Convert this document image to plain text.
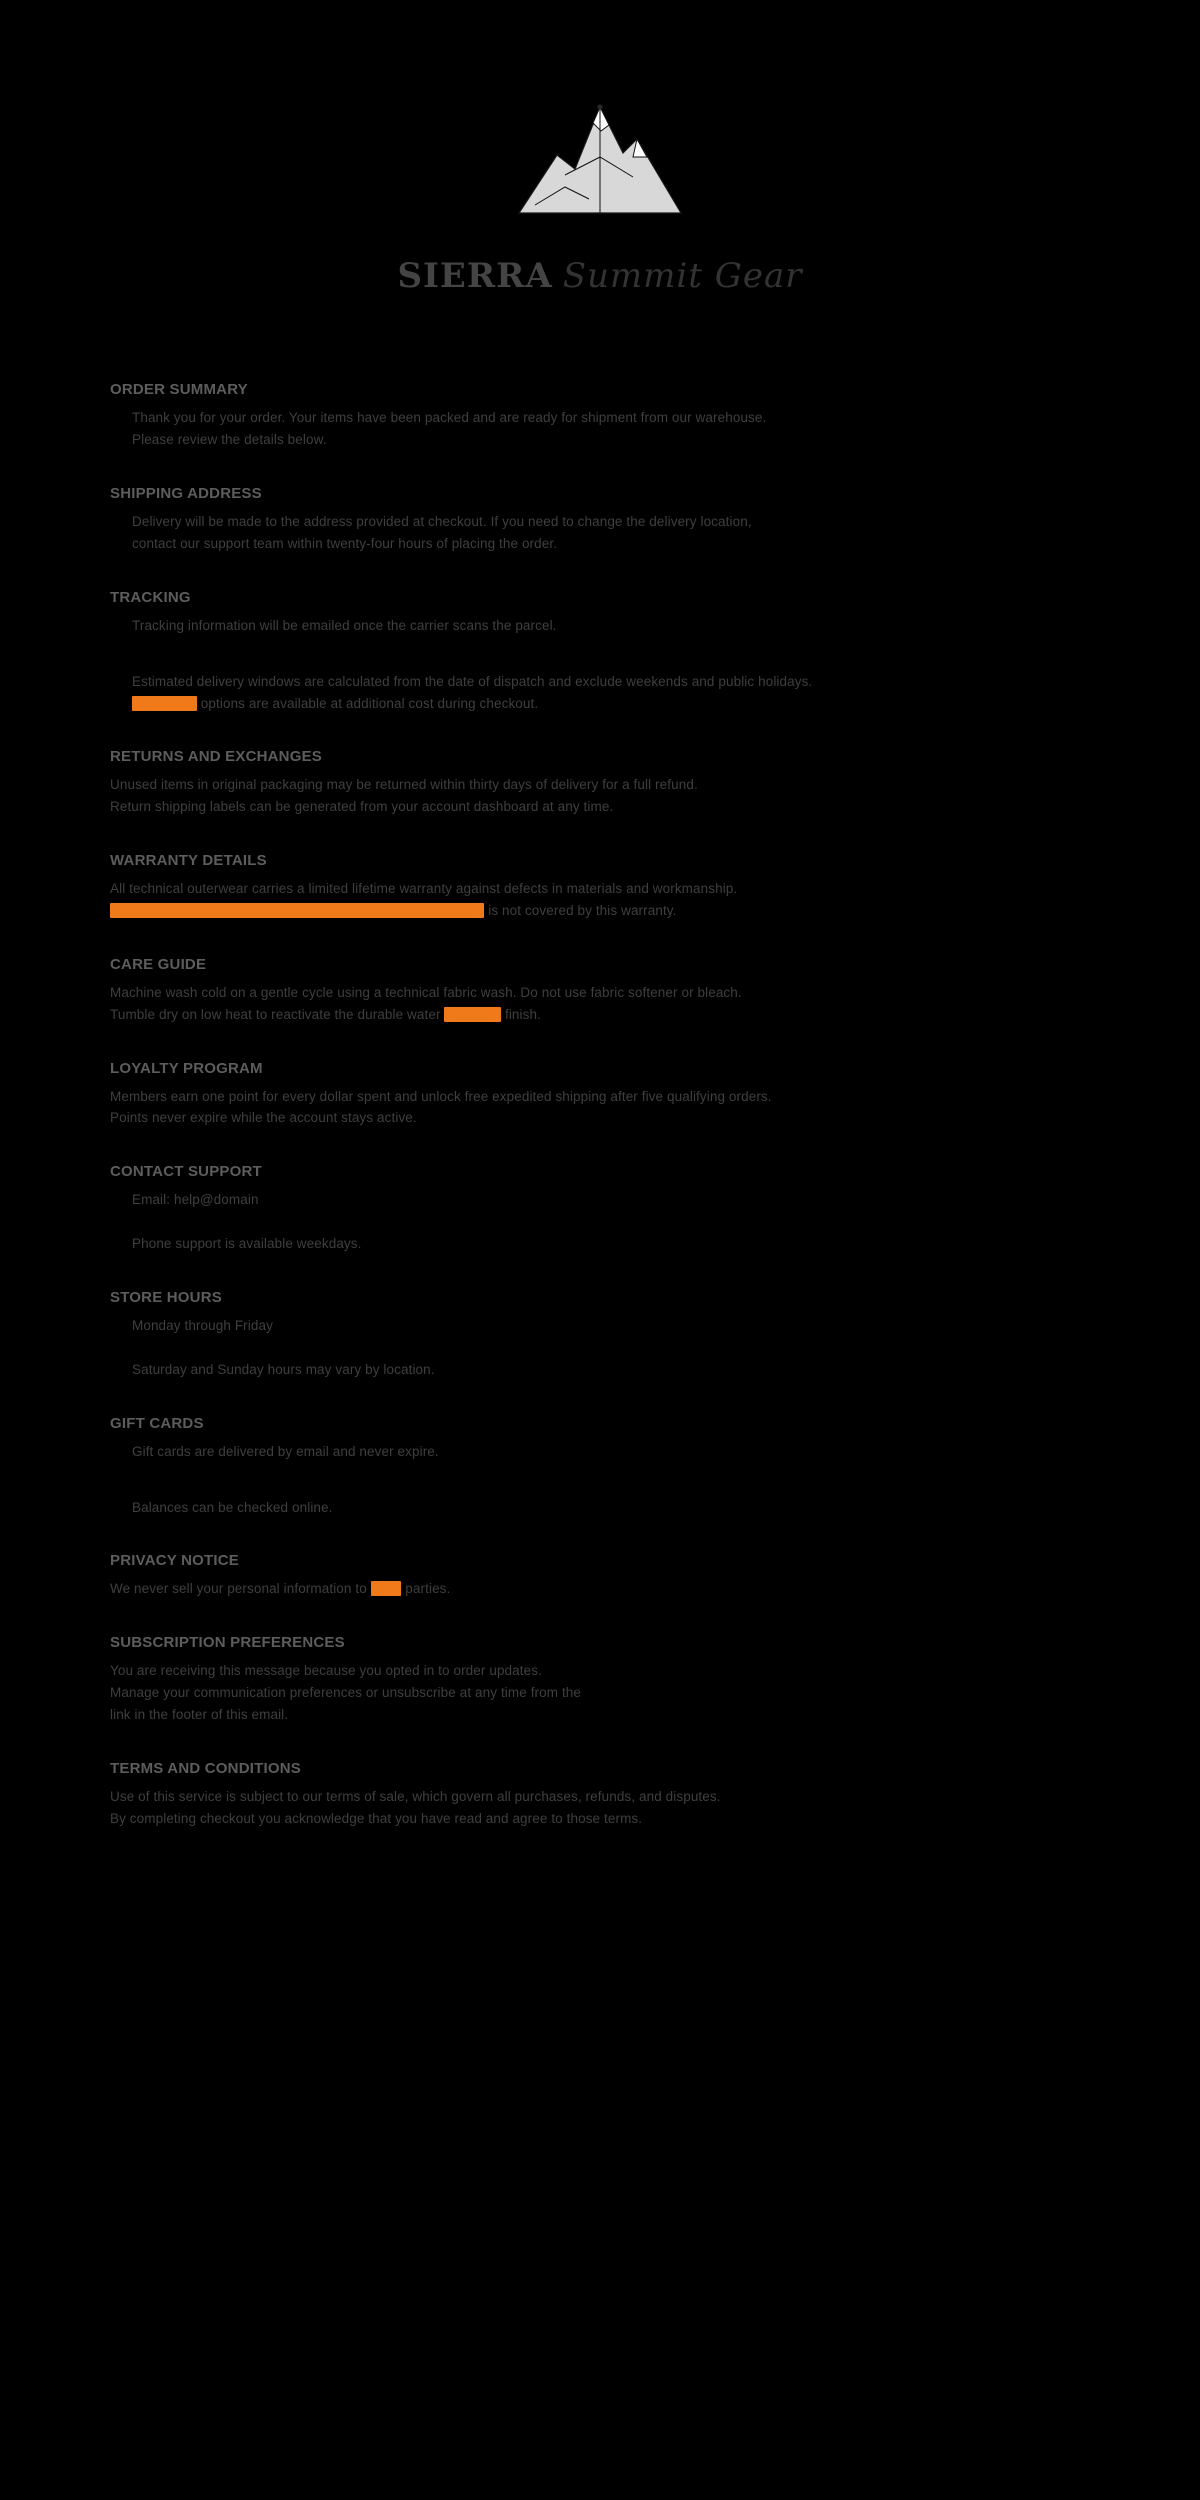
SIERRA Summit Gear
ORDER SUMMARY
Thank you for your order. Your items have been packed and are ready for shipment from our warehouse.
Please review the details below.
SHIPPING ADDRESS
Delivery will be made to the address provided at checkout. If you need to change the delivery location,
contact our support team within twenty-four hours of placing the order.
TRACKING
Tracking information will be emailed once the carrier scans the parcel.
Estimated delivery windows are calculated from the date of dispatch and exclude weekends and public holidays.
Expedited options are available at additional cost during checkout.
RETURNS AND EXCHANGES
Unused items in original packaging may be returned within thirty days of delivery for a full refund.
Return shipping labels can be generated from your account dashboard at any time.
WARRANTY DETAILS
All technical outerwear carries a limited lifetime warranty against defects in materials and workmanship.
Damage caused by normal wear, accidents, or improper care is not covered by this warranty.
CARE GUIDE
Machine wash cold on a gentle cycle using a technical fabric wash. Do not use fabric softener or bleach.
Tumble dry on low heat to reactivate the durable water repellent finish.
LOYALTY PROGRAM
Members earn one point for every dollar spent and unlock free expedited shipping after five qualifying orders.
Points never expire while the account stays active.
CONTACT SUPPORT
Email: help@domain
Phone support is available weekdays.
STORE HOURS
Monday through Friday
Saturday and Sunday hours may vary by location.
GIFT CARDS
Gift cards are delivered by email and never expire.
Balances can be checked online.
PRIVACY NOTICE
We never sell your personal information to third parties.
SUBSCRIPTION PREFERENCES
You are receiving this message because you opted in to order updates.
Manage your communication preferences or unsubscribe at any time from the
link in the footer of this email.
TERMS AND CONDITIONS
Use of this service is subject to our terms of sale, which govern all purchases, refunds, and disputes.
By completing checkout you acknowledge that you have read and agree to those terms.
